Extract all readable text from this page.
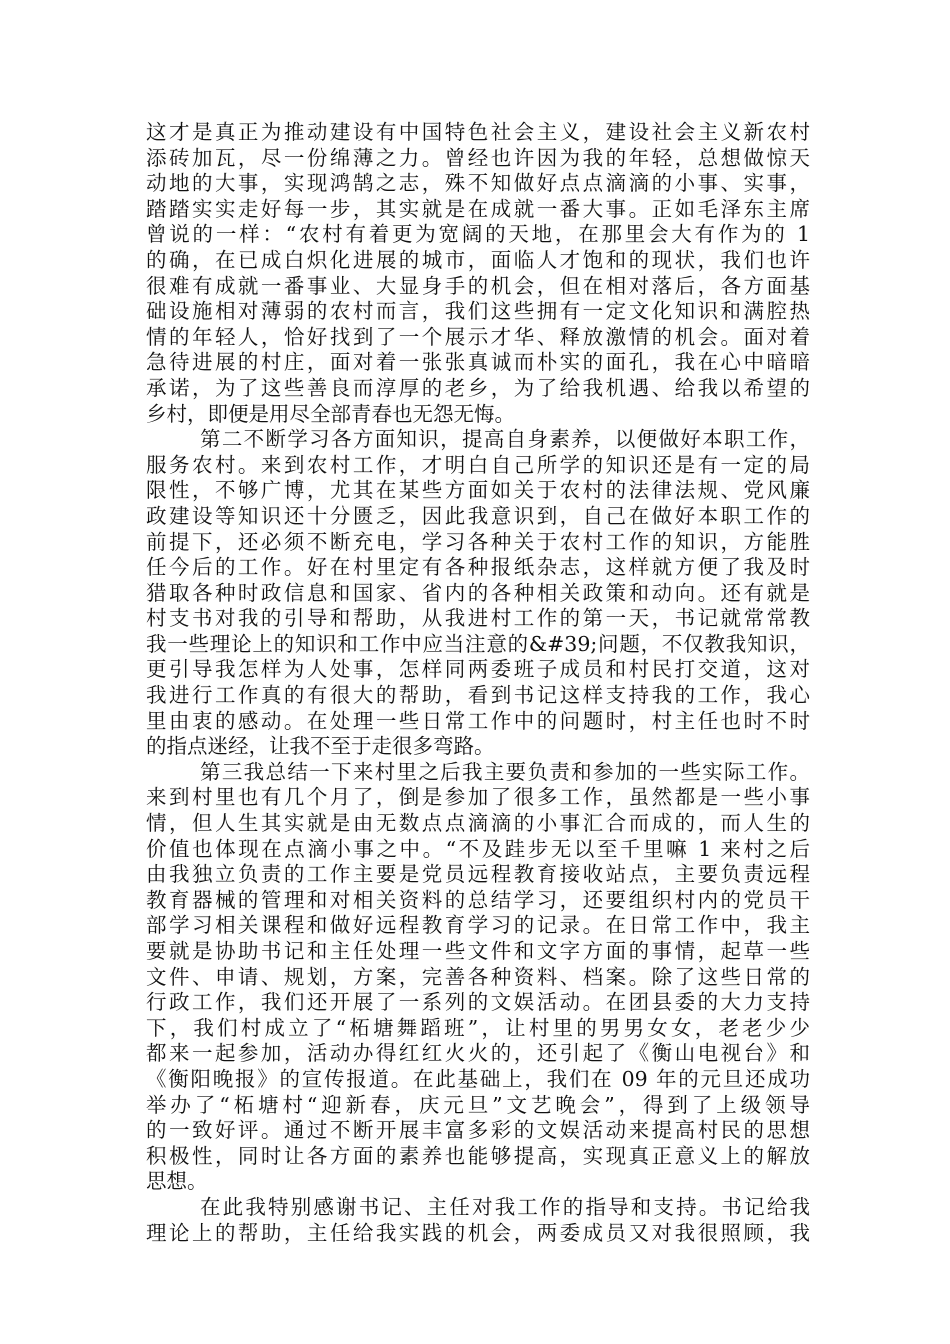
这才是真正为推动建设有中国特色社会主义，建设社会主义新农村
添砖加瓦，尽一份绵薄之力。曾经也许因为我的年轻，总想做惊天
动地的大事，实现鸿鹄之志，殊不知做好点点滴滴的小事、实事，
踏踏实实走好每一步，其实就是在成就一番大事。正如毛泽东主席
曾说的一样：“农村有着更为宽阔的天地，在那里会大有作为的 1
的确，在已成白炽化进展的城市，面临人才饱和的现状，我们也许
很难有成就一番事业、大显身手的机会，但在相对落后，各方面基
础设施相对薄弱的农村而言，我们这些拥有一定文化知识和满腔热
情的年轻人，恰好找到了一个展示才华、释放激情的机会。面对着
急待进展的村庄，面对着一张张真诚而朴实的面孔，我在心中暗暗
承诺，为了这些善良而淳厚的老乡，为了给我机遇、给我以希望的
乡村，即便是用尽全部青春也无怨无悔。
第二不断学习各方面知识，提高自身素养，以便做好本职工作，
服务农村。来到农村工作，才明白自己所学的知识还是有一定的局
限性，不够广博，尤其在某些方面如关于农村的法律法规、党风廉
政建设等知识还十分匮乏，因此我意识到，自己在做好本职工作的
前提下，还必须不断充电，学习各种关于农村工作的知识，方能胜
任今后的工作。好在村里定有各种报纸杂志，这样就方便了我及时
猎取各种时政信息和国家、省内的各种相关政策和动向。还有就是
村支书对我的引导和帮助，从我进村工作的第一天，书记就常常教
我一些理论上的知识和工作中应当注意的&#39;问题，不仅教我知识，
更引导我怎样为人处事，怎样同两委班子成员和村民打交道，这对
我进行工作真的有很大的帮助，看到书记这样支持我的工作，我心
里由衷的感动。在处理一些日常工作中的问题时，村主任也时不时
的指点迷经，让我不至于走很多弯路。
第三我总结一下来村里之后我主要负责和参加的一些实际工作。
来到村里也有几个月了，倒是参加了很多工作，虽然都是一些小事
情，但人生其实就是由无数点点滴滴的小事汇合而成的，而人生的
价值也体现在点滴小事之中。“不及跬步无以至千里嘛 1 来村之后
由我独立负责的工作主要是党员远程教育接收站点，主要负责远程
教育器械的管理和对相关资料的总结学习，还要组织村内的党员干
部学习相关课程和做好远程教育学习的记录。在日常工作中，我主
要就是协助书记和主任处理一些文件和文字方面的事情，起草一些
文件、申请、规划，方案，完善各种资料、档案。除了这些日常的
行政工作，我们还开展了一系列的文娱活动。在团县委的大力支持
下，我们村成立了“柘塘舞蹈班”，让村里的男男女女，老老少少
都来一起参加，活动办得红红火火的，还引起了《衡山电视台》和
《衡阳晚报》的宣传报道。在此基础上，我们在 09 年的元旦还成功
举办了“柘塘村“迎新春，庆元旦”文艺晚会”，得到了上级领导
的一致好评。通过不断开展丰富多彩的文娱活动来提高村民的思想
积极性，同时让各方面的素养也能够提高，实现真正意义上的解放
思想。
在此我特别感谢书记、主任对我工作的指导和支持。书记给我
理论上的帮助，主任给我实践的机会，两委成员又对我很照顾，我
